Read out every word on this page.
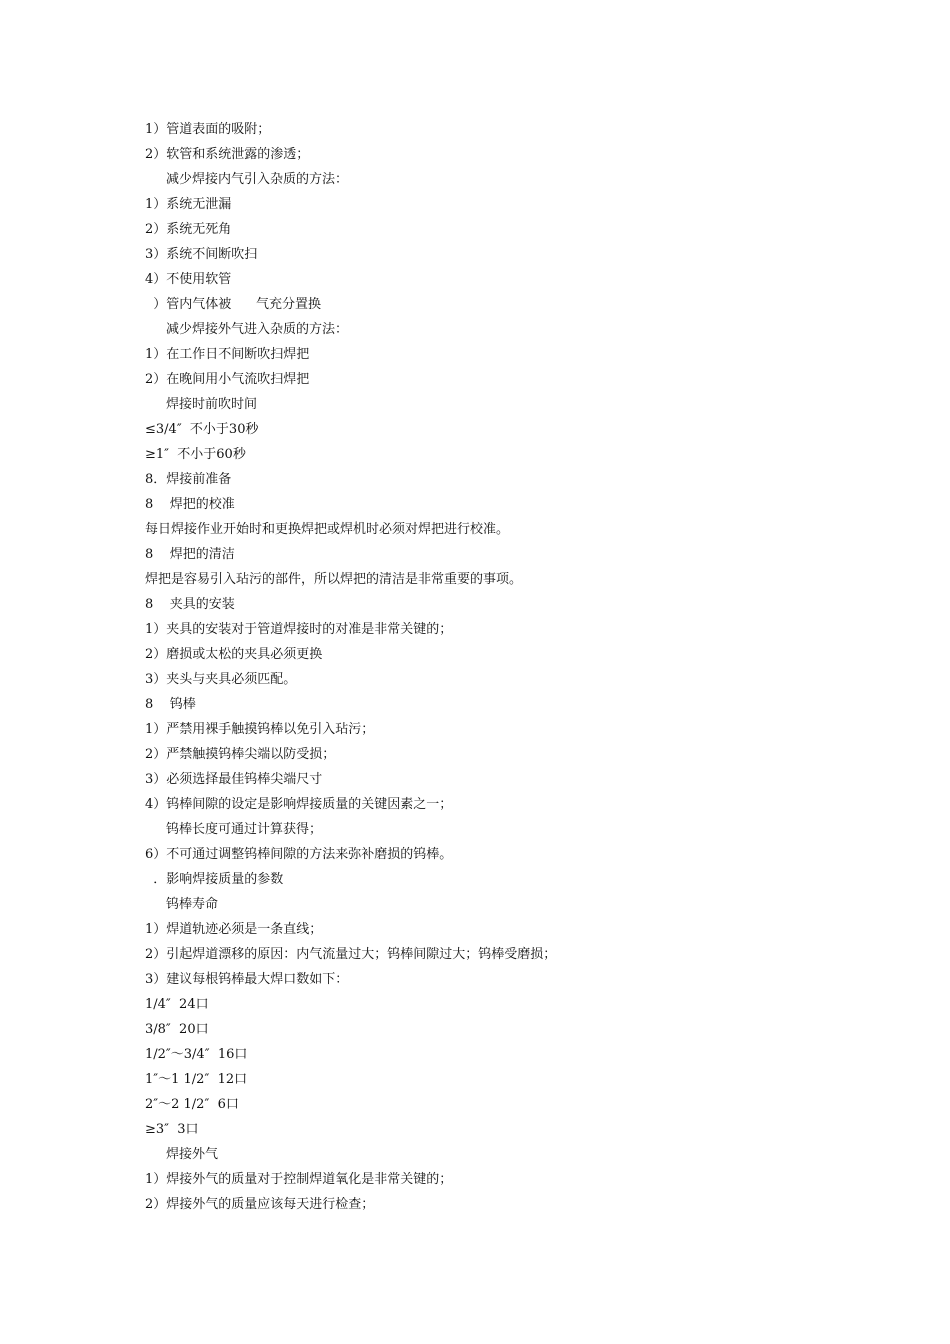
1）管道表面的吸附；
2）软管和系统泄露的渗透；
减少焊接内气引入杂质的方法：
1）系统无泄漏
2）系统无死角
3）系统不间断吹扫
4）不使用软管
）管内气体被      气充分置换
减少焊接外气进入杂质的方法：
1）在工作日不间断吹扫焊把
2）在晚间用小气流吹扫焊把
焊接时前吹时间
≤3/4″  不小于30秒
≥1″  不小于60秒
8．焊接前准备
8    焊把的校准
每日焊接作业开始时和更换焊把或焊机时必须对焊把进行校准。
8    焊把的清洁
焊把是容易引入玷污的部件，所以焊把的清洁是非常重要的事项。
8    夹具的安装
1）夹具的安装对于管道焊接时的对准是非常关键的；
2）磨损或太松的夹具必须更换
3）夹头与夹具必须匹配。
8    钨棒
1）严禁用裸手触摸钨棒以免引入玷污；
2）严禁触摸钨棒尖端以防受损；
3）必须选择最佳钨棒尖端尺寸
4）钨棒间隙的设定是影响焊接质量的关键因素之一；
钨棒长度可通过计算获得；
6）不可通过调整钨棒间隙的方法来弥补磨损的钨棒。
．影响焊接质量的参数
钨棒寿命
1）焊道轨迹必须是一条直线；
2）引起焊道漂移的原因：内气流量过大；钨棒间隙过大；钨棒受磨损；
3）建议每根钨棒最大焊口数如下：
1/4″  24口
3/8″  20口
1/2″～3/4″  16口
1″～1 1/2″  12口
2″～2 1/2″  6口
≥3″  3口
焊接外气
1）焊接外气的质量对于控制焊道氧化是非常关键的；
2）焊接外气的质量应该每天进行检查；
